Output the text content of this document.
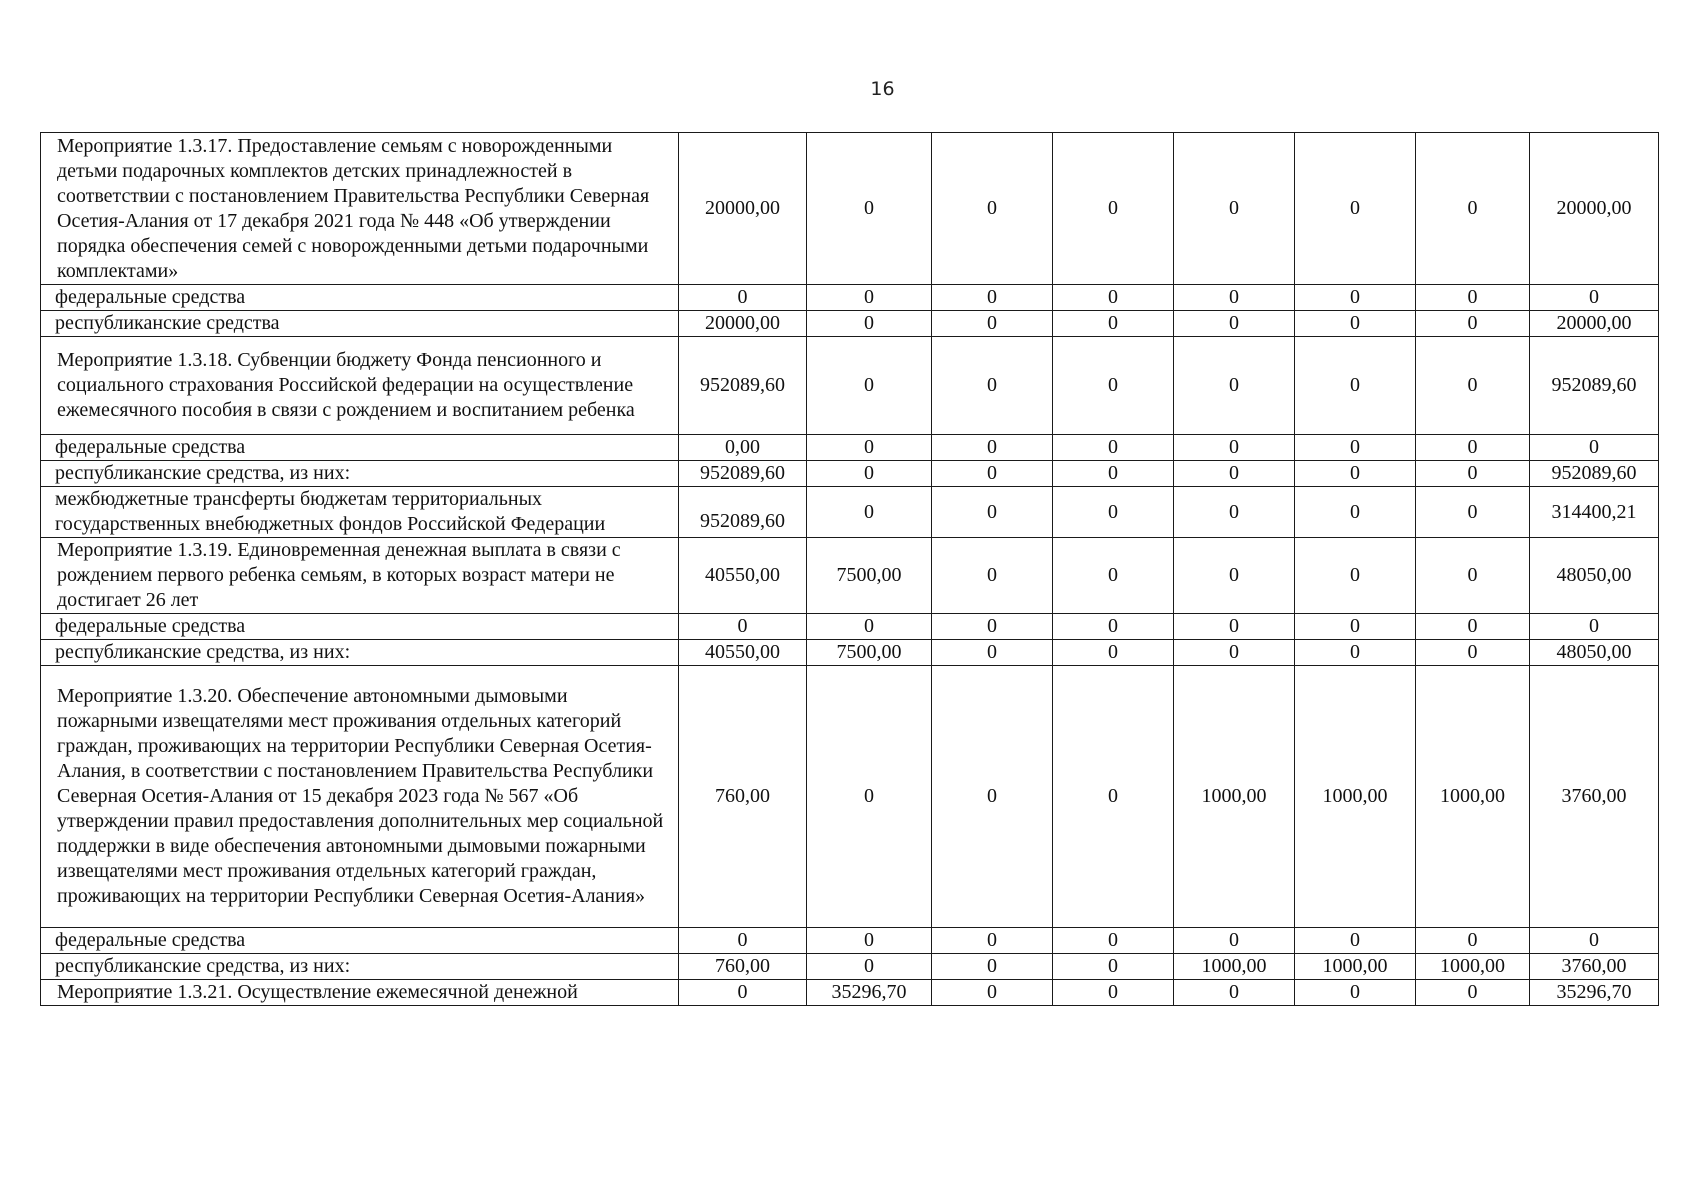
16
Мероприятие 1.3.17. Предоставление семьям с новорожденными детьми подарочных комплектов детских принадлежностей в соответствии с постановлением Правительства Республики Северная Осетия-Алания от 17 декабря 2021 года № 448 «Об утверждении порядка обеспечения семей с новорожденными детьми подарочными комплектами»	20000,00	0	0	0	0	0	0	20000,00
федеральные средства	0	0	0	0	0	0	0	0
республиканские средства	20000,00	0	0	0	0	0	0	20000,00
Мероприятие 1.3.18. Субвенции бюджету Фонда пенсионного и социального страхования Российской федерации на осуществление ежемесячного пособия в связи с рождением и воспитанием ребенка	952089,60	0	0	0	0	0	0	952089,60
федеральные средства	0,00	0	0	0	0	0	0	0
республиканские средства, из них:	952089,60	0	0	0	0	0	0	952089,60
межбюджетные трансферты бюджетам территориальных государственных внебюджетных фондов Российской Федерации	952089,60	0	0	0	0	0	0	314400,21
Мероприятие 1.3.19. Единовременная денежная выплата в связи с рождением первого ребенка семьям, в которых возраст матери не достигает 26 лет	40550,00	7500,00	0	0	0	0	0	48050,00
федеральные средства	0	0	0	0	0	0	0	0
республиканские средства, из них:	40550,00	7500,00	0	0	0	0	0	48050,00
Мероприятие 1.3.20. Обеспечение автономными дымовыми пожарными извещателями мест проживания отдельных категорий граждан, проживающих на территории Республики Северная Осетия-Алания, в соответствии с постановлением Правительства Республики Северная Осетия-Алания от 15 декабря 2023 года № 567 «Об утверждении правил предоставления дополнительных мер социальной поддержки в виде обеспечения автономными дымовыми пожарными извещателями мест проживания отдельных категорий граждан, проживающих на территории Республики Северная Осетия-Алания»	760,00	0	0	0	1000,00	1000,00	1000,00	3760,00
федеральные средства	0	0	0	0	0	0	0	0
республиканские средства, из них:	760,00	0	0	0	1000,00	1000,00	1000,00	3760,00
Мероприятие 1.3.21. Осуществление ежемесячной денежной	0	35296,70	0	0	0	0	0	35296,70
